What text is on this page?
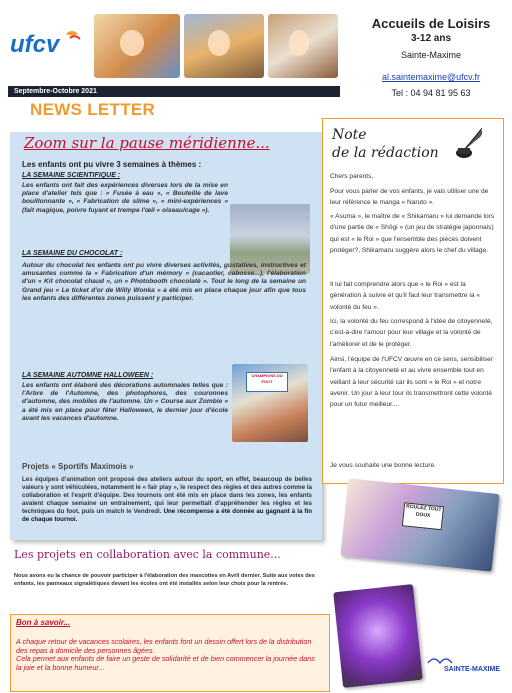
ufcv
Accueils de Loisirs
3-12 ans
Sainte-Maxime
al.saintemaxime@ufcv.fr
Tel : 04 94 81 95 63
Septembre-Octobre 2021
NEWS LETTER
Zoom sur la pause méridienne...
Les enfants ont pu vivre 3 semaines à thèmes :
LA SEMAINE SCIENTIFIQUE :
Les enfants ont fait des expériences diverses lors de la mise en place d'atelier tels que : « Fusée à eau », « Bouteille de lave bouillonnante », « Fabrication de slime », « mini-expériences » (fait magique, poivre fuyant et trempe l'œil « oiseau/cage »).
LA SEMAINE DU CHOCOLAT :
Autour du chocolat les enfants ont pu vivre diverses activités, gustatives, instructives et amusantes comme la « Fabrication d'un mémory » (cacaotier, cabosse...), l'élaboration d'un « Kit chocolat chaud », un « Photobooth chocolaté ». Tout le long de la semaine un Grand jeu « Le ticket d'or de Willy Wonka » a été mis en place chaque jour afin que tous les enfants des différentes zones puissent y participer.
LA SEMAINE AUTOMNE HALLOWEEN :
Les enfants ont élaboré des décorations automnales telles que : l'Arbre de l'Automne, des photophores, des couronnes d'automne, des mobiles de l'automne. Un « Course aux Zombie » a été mis en place pour fêter Halloween, le dernier jour d'école avant les vacances d'automne.
CHAMPIONS DU FOOT
Projets « Sportifs Maximois »
Les équipes d'animation ont proposé des ateliers autour du sport, en effet, beaucoup de belles valeurs y sont véhiculées, notamment le « fair play », le respect des règles et des autres comme la collaboration et l'esprit d'équipe. Des tournois ont été mis en place dans les zones, les enfants avaient chaque semaine un entrainement, qui leur permettait d'appréhender les règles et les techniques du foot, puis un match le Vendredi. Une récompense a été donnée au gagnant à la fin de chaque tournoi.
Note
de la rédaction
Chers parents,
Pour vous parler de vos enfants, je vais utiliser une de leur référence le manga « Naruto ».
« Asuma », le maître de « Shikamaru » lui demande lors d'une partie de « Shôgi » (un jeu de stratégie japonnais) qui est « le Roi » que l'ensemble des pièces doivent protéger?, Shikamaru suggère alors le chef du village.
Il lui fait comprendre alors que « le Roi » est la génération à suivre et qu'il faut leur transmettre la « volonté du feu ».
Ici, la volonté du feu correspond à l'idée de citoyenneté, c'est-à-dire l'amour pour leur village et la volonté de l'améliorer et de le protéger.
Ainsi, l'équipe de l'UFCV œuvre en ce sens, sensibiliser l'enfant à la citoyenneté et au vivre ensemble tout en veillant à leur sécurité car ils sont « le Roi » et notre avenir. Un jour à leur tour ils transmettront cette volonté pour un futur meilleur....
Je vous souhaite une bonne lecture.
ROULEZ TOUT DOUX
Les projets en collaboration avec la commune...
Nous avons eu la chance de pouvoir participer à l'élaboration des mascottes en Avril dernier. Suite aux votes des enfants, les panneaux signalétiques devant les écoles ont été installés selon leur choix pour la rentrée.
Bon à savoir...
A chaque retour de vacances scolaires, les enfants font un dessin offert lors de la distribution des repas à domicile des personnes âgées.
Cela permet aux enfants de faire un geste de solidarité et de bien commencer la journée dans la joie et la bonne humeur...	SAINTE-MAXIME
